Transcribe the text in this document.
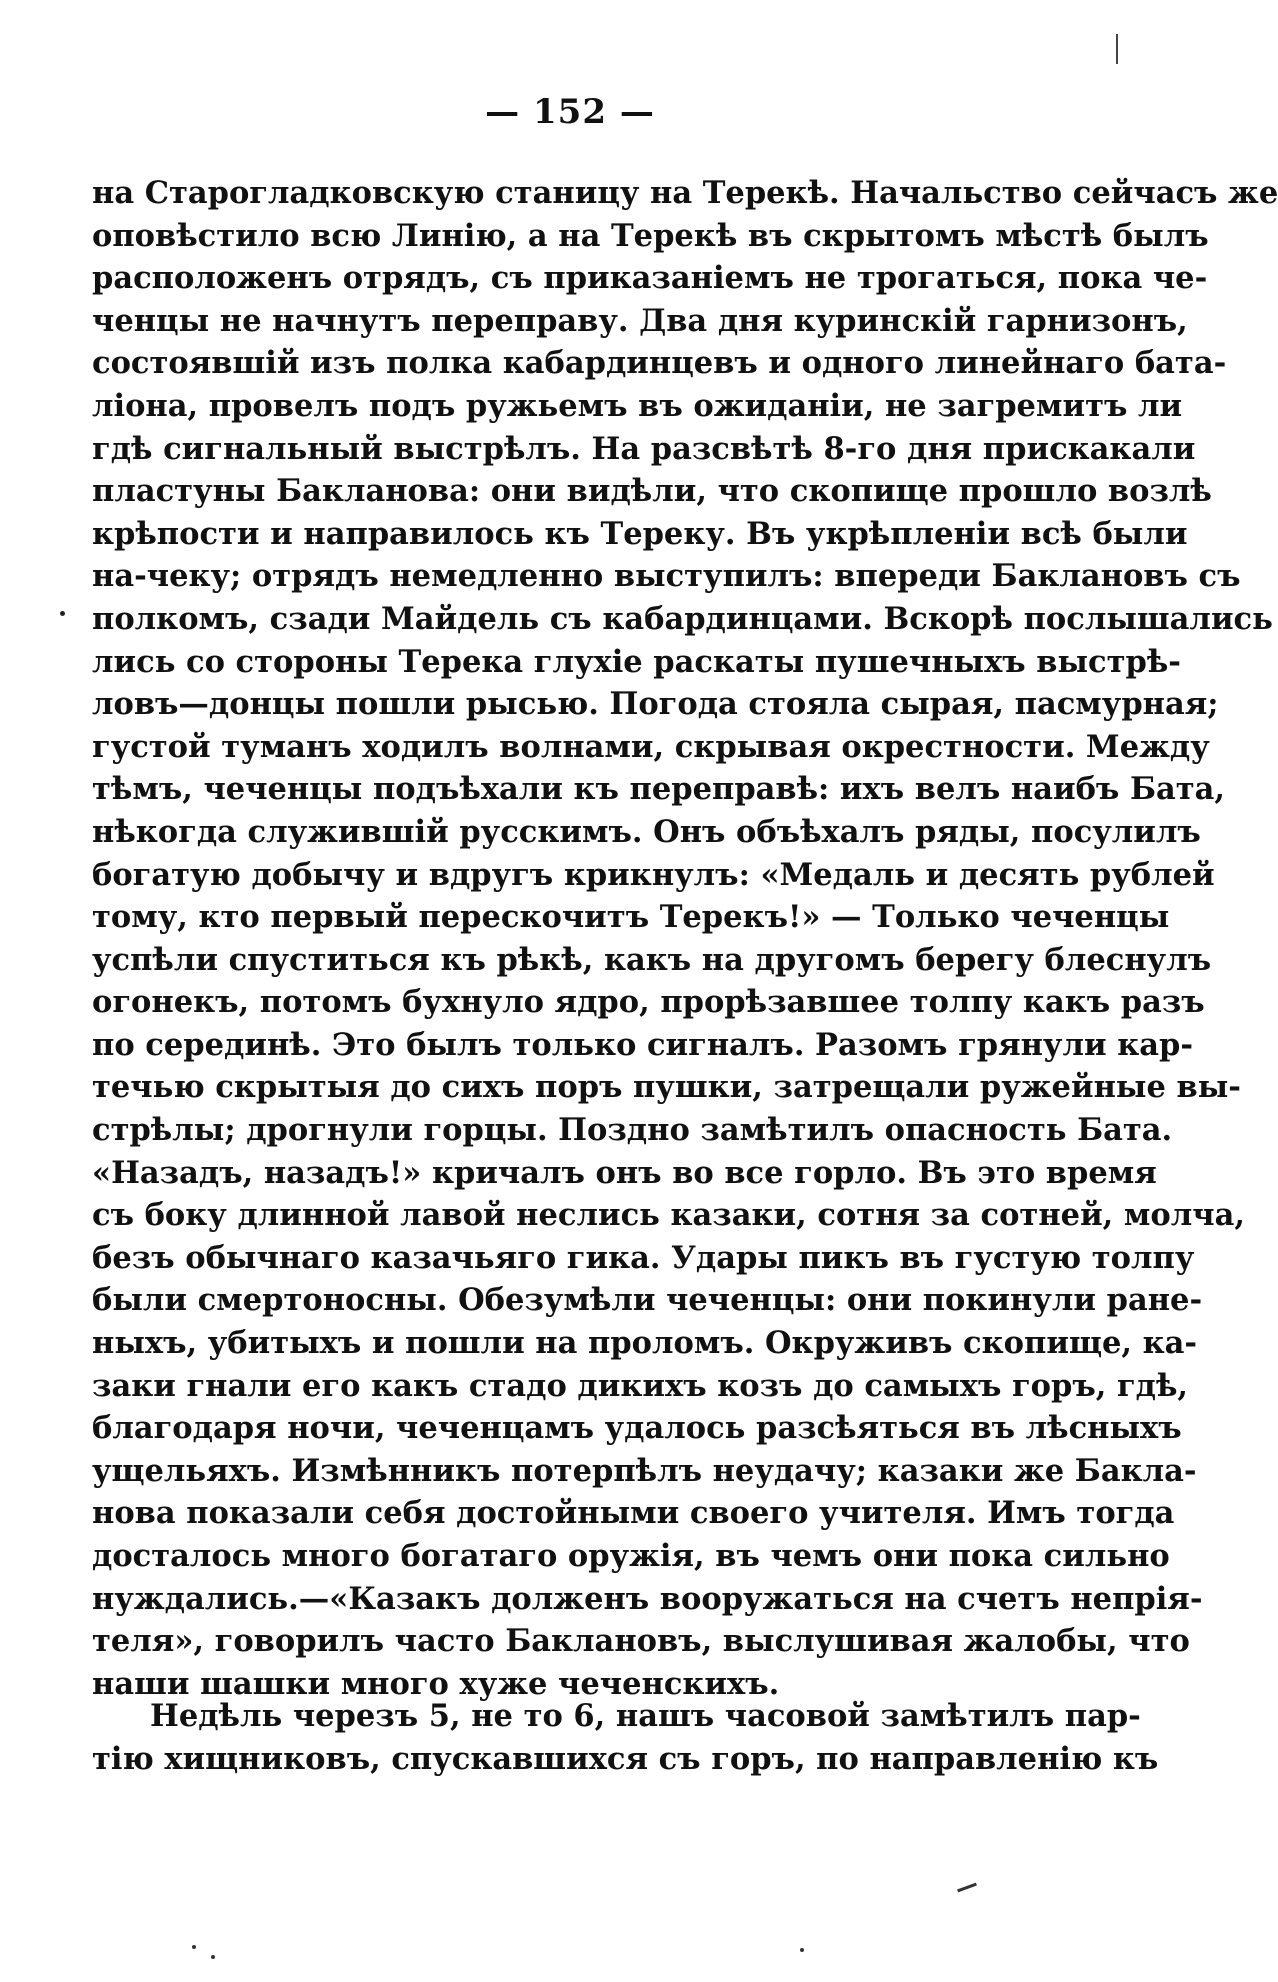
— 152 —
на Старогладковскую станицу на Терекѣ. Начальство сейчасъ же
оповѣстило всю Линію, а на Терекѣ въ скрытомъ мѣстѣ былъ
расположенъ отрядъ, съ приказаніемъ не трогаться, пока че-
ченцы не начнутъ переправу. Два дня куринскій гарнизонъ,
состоявшій изъ полка кабардинцевъ и одного линейнаго бата-
ліона, провелъ подъ ружьемъ въ ожиданіи, не загремитъ ли
гдѣ сигнальный выстрѣлъ. На разсвѣтѣ 8-го дня прискакали
пластуны Бакланова: они видѣли, что скопище прошло возлѣ
крѣпости и направилось къ Тереку. Въ укрѣпленіи всѣ были
на-чеку; отрядъ немедленно выступилъ: впереди Баклановъ съ
полкомъ, сзади Майдель съ кабардинцами. Вскорѣ послышались
лись со стороны Терека глухіе раскаты пушечныхъ выстрѣ-
ловъ—донцы пошли рысью. Погода стояла сырая, пасмурная;
густой туманъ ходилъ волнами, скрывая окрестности. Между
тѣмъ, чеченцы подъѣхали къ переправѣ: ихъ велъ наибъ Бата,
нѣкогда служившій русскимъ. Онъ объѣхалъ ряды, посулилъ
богатую добычу и вдругъ крикнулъ: «Медаль и десять рублей
тому, кто первый перескочитъ Терекъ!» — Только чеченцы
успѣли спуститься къ рѣкѣ, какъ на другомъ берегу блеснулъ
огонекъ, потомъ бухнуло ядро, прорѣзавшее толпу какъ разъ
по серединѣ. Это былъ только сигналъ. Разомъ грянули кар-
течью скрытыя до сихъ поръ пушки, затрещали ружейные вы-
стрѣлы; дрогнули горцы. Поздно замѣтилъ опасность Бата.
«Назадъ, назадъ!» кричалъ онъ во все горло. Въ это время
съ боку длинной лавой неслись казаки, сотня за сотней, молча,
безъ обычнаго казачьяго гика. Удары пикъ въ густую толпу
были смертоносны. Обезумѣли чеченцы: они покинули ране-
ныхъ, убитыхъ и пошли на проломъ. Окруживъ скопище, ка-
заки гнали его какъ стадо дикихъ козъ до самыхъ горъ, гдѣ,
благодаря ночи, чеченцамъ удалось разсѣяться въ лѣсныхъ
ущельяхъ. Измѣнникъ потерпѣлъ неудачу; казаки же Бакла-
нова показали себя достойными своего учителя. Имъ тогда
досталось много богатаго оружія, въ чемъ они пока сильно
нуждались.—«Казакъ долженъ вооружаться на счетъ непрія-
теля», говорилъ часто Баклановъ, выслушивая жалобы, что
наши шашки много хуже чеченскихъ.
Недѣль черезъ 5, не то 6, нашъ часовой замѣтилъ пар-
тію хищниковъ, спускавшихся съ горъ, по направленію къ
